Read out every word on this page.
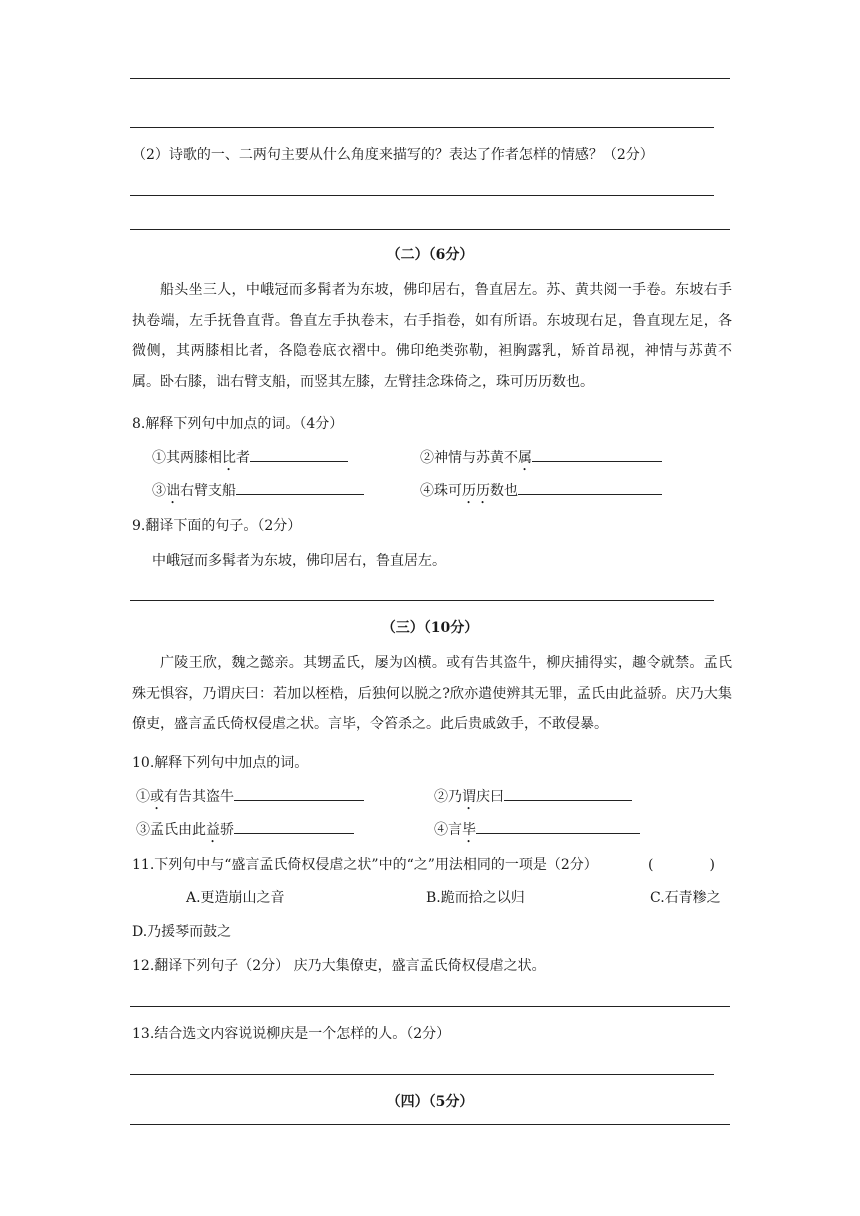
（2）诗歌的一、二两句主要从什么角度来描写的？表达了作者怎样的情感？（2分）
（二）（6分）
船头坐三人，中峨冠而多髯者为东坡，佛印居右，鲁直居左。苏、黄共阅一手卷。东坡右手执卷端，左手抚鲁直背。鲁直左手执卷末，右手指卷，如有所语。东坡现右足，鲁直现左足，各微侧，其两膝相比者，各隐卷底衣褶中。佛印绝类弥勒，袒胸露乳，矫首昂视，神情与苏黄不属。卧右膝，诎右臂支船，而竖其左膝，左臂挂念珠倚之，珠可历历数也。
8.解释下列句中加点的词。（4分）
①其两膝相比者	②神情与苏黄不属
③诎右臂支船	④珠可历历数也
9.翻译下面的句子。（2分）
中峨冠而多髯者为东坡，佛印居右，鲁直居左。
（三）（10分）
广陵王欣，魏之懿亲。其甥孟氏，屡为凶横。或有告其盗牛，柳庆捕得实，趣令就禁。孟氏殊无惧容，乃谓庆曰：若加以桎梏，后独何以脱之?欣亦遣使辨其无罪，孟氏由此益骄。庆乃大集僚吏，盛言孟氏倚权侵虐之状。言毕，令笞杀之。此后贵戚敛手，不敢侵暴。
10.解释下列句中加点的词。
①或有告其盗牛	②乃谓庆曰
③孟氏由此益骄	④言毕
11.下列句中与“盛言孟氏倚权侵虐之状”中的“之”用法相同的一项是（2分）	(　　　　)
A.更造崩山之音	B.跪而拾之以归	C.石青糁之
D.乃援琴而鼓之
12.翻译下列句子（2分） 庆乃大集僚吏，盛言孟氏倚权侵虐之状。
13.结合选文内容说说柳庆是一个怎样的人。（2分）
（四）（5分）
